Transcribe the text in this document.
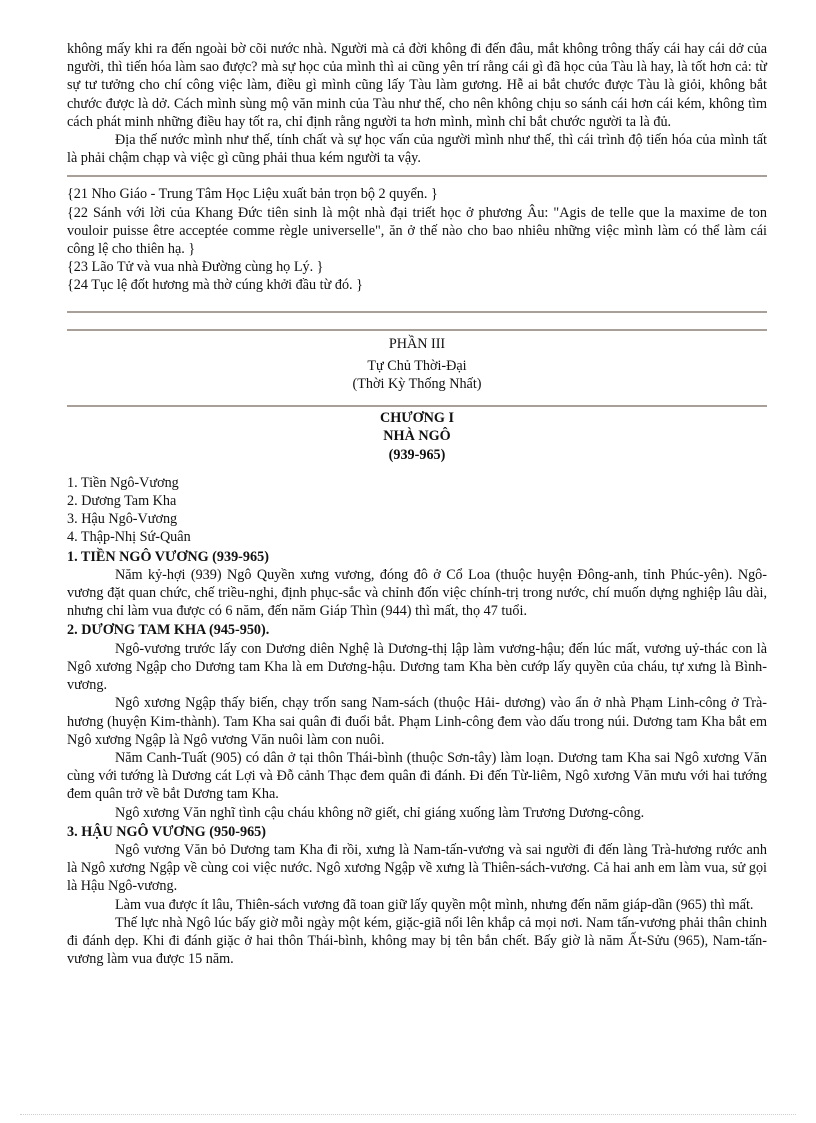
không mấy khi ra đến ngoài bờ cõi nước nhà. Người mà cả đời không đi đến đâu, mắt không trông thấy cái hay cái dở của người, thì tiến hóa làm sao được? mà sự học của mình thì ai cũng yên trí rằng cái gì đã học của Tàu là hay, là tốt hơn cả: từ sự tư tưởng cho chí công việc làm, điều gì mình cũng lấy Tàu làm gương. Hễ ai bắt chước được Tàu là giỏi, không bắt chước được là dở. Cách mình sùng mộ văn minh của Tàu như thế, cho nên không chịu so sánh cái hơn cái kém, không tìm cách phát minh những điều hay tốt ra, chỉ định rằng người ta hơn mình, mình chỉ bắt chước người ta là đủ.

Địa thế nước mình như thế, tính chất và sự học vấn của người mình như thế, thì cái trình độ tiến hóa của mình tất là phải chậm chạp và việc gì cũng phải thua kém người ta vậy.

{21 Nho Giáo - Trung Tâm Học Liệu xuất bản trọn bộ 2 quyển. }

{22 Sánh với lời của Khang Đức tiên sinh là một nhà đại triết học ở phương Âu: "Agis de telle que la maxime de ton vouloir puisse être acceptée comme règle universelle", ăn ở thế nào cho bao nhiêu những việc mình làm có thể làm cái công lệ cho thiên hạ. }

{23 Lão Tử và vua nhà Đường cùng họ Lý. }

{24 Tục lệ đốt hương mà thờ cúng khởi đầu từ đó. }

PHẦN III

Tự Chủ Thời-Đại

(Thời Kỳ Thống Nhất)

CHƯƠNG I

NHÀ NGÔ

(939-965)

1. Tiền Ngô-Vương

2. Dương Tam Kha

3. Hậu Ngô-Vương

4. Thập-Nhị Sứ-Quân

1. TIỀN NGÔ VƯƠNG (939-965)

Năm kỷ-hợi (939) Ngô Quyền xưng vương, đóng đô ở Cổ Loa (thuộc huyện Đông-anh, tỉnh Phúc-yên). Ngô-vương đặt quan chức, chế triều-nghi, định phục-sắc và chỉnh đốn việc chính-trị trong nước, chí muốn dựng nghiệp lâu dài, nhưng chỉ làm vua được có 6 năm, đến năm Giáp Thìn (944) thì mất, thọ 47 tuổi.

2. DƯƠNG TAM KHA (945-950).

Ngô-vương trước lấy con Dương diên Nghệ là Dương-thị lập làm vương-hậu; đến lúc mất, vương uỷ-thác con là Ngô xương Ngập cho Dương tam Kha là em Dương-hậu. Dương tam Kha bèn cướp lấy quyền của cháu, tự xưng là Bình-vương.

Ngô xương Ngập thấy biến, chạy trốn sang Nam-sách (thuộc Hải- dương) vào ẩn ở nhà Phạm Linh-công ở Trà-hương (huyện Kim-thành). Tam Kha sai quân đi đuổi bắt. Phạm Linh-công đem vào dấu trong núi. Dương tam Kha bắt em Ngô xương Ngập là Ngô vương Văn nuôi làm con nuôi.

Năm Canh-Tuất (905) có dân ở tại thôn Thái-bình (thuộc Sơn-tây) làm loạn. Dương tam Kha sai Ngô xương Văn cùng với tướng là Dương cát Lợi và Đỗ cảnh Thạc đem quân đi đánh. Đi đến Từ-liêm, Ngô xương Văn mưu với hai tướng đem quân trở về bắt Dương tam Kha.

Ngô xương Văn nghĩ tình cậu cháu không nỡ giết, chỉ giáng xuống làm Trương Dương-công.

3. HẬU NGÔ VƯƠNG (950-965)

Ngô vương Văn bỏ Dương tam Kha đi rồi, xưng là Nam-tấn-vương và sai người đi đến làng Trà-hương rước anh là Ngô xương Ngập về cùng coi việc nước. Ngô xương Ngập về xưng là Thiên-sách-vương. Cả hai anh em làm vua, sử gọi là Hậu Ngô-vương.

Làm vua được ít lâu, Thiên-sách vương đã toan giữ lấy quyền một mình, nhưng đến năm giáp-dần (965) thì mất.

Thế lực nhà Ngô lúc bấy giờ mỗi ngày một kém, giặc-giã nổi lên khắp cả mọi nơi. Nam tấn-vương phải thân chinh đi đánh dẹp. Khi đi đánh giặc ở hai thôn Thái-bình, không may bị tên bắn chết. Bấy giờ là năm Ất-Sửu (965), Nam-tấn-vương làm vua được 15 năm.
